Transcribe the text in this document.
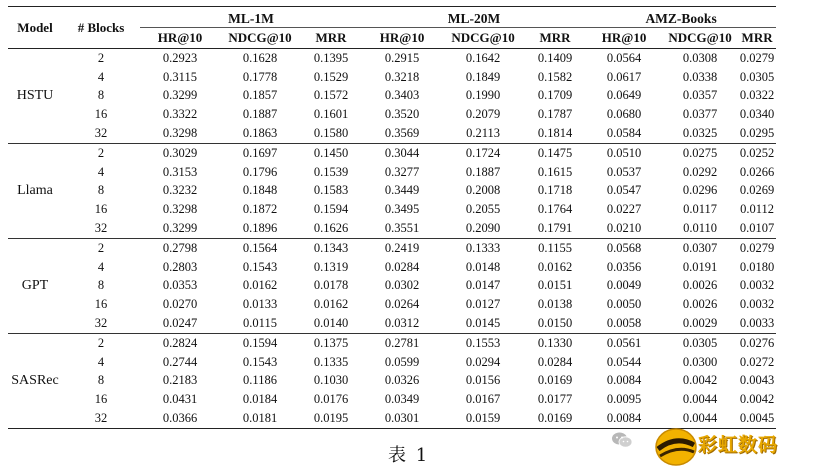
Model	# Blocks	ML-1M			ML-20M			AMZ-Books		
		HR@10	NDCG@10	MRR	HR@10	NDCG@10	MRR	HR@10	NDCG@10	MRR
HSTU	2	0.2923	0.1628	0.1395	0.2915	0.1642	0.1409	0.0564	0.0308	0.0279
	4	0.3115	0.1778	0.1529	0.3218	0.1849	0.1582	0.0617	0.0338	0.0305
	8	0.3299	0.1857	0.1572	0.3403	0.1990	0.1709	0.0649	0.0357	0.0322
	16	0.3322	0.1887	0.1601	0.3520	0.2079	0.1787	0.0680	0.0377	0.0340
	32	0.3298	0.1863	0.1580	0.3569	0.2113	0.1814	0.0584	0.0325	0.0295
Llama	2	0.3029	0.1697	0.1450	0.3044	0.1724	0.1475	0.0510	0.0275	0.0252
	4	0.3153	0.1796	0.1539	0.3277	0.1887	0.1615	0.0537	0.0292	0.0266
	8	0.3232	0.1848	0.1583	0.3449	0.2008	0.1718	0.0547	0.0296	0.0269
	16	0.3298	0.1872	0.1594	0.3495	0.2055	0.1764	0.0227	0.0117	0.0112
	32	0.3299	0.1896	0.1626	0.3551	0.2090	0.1791	0.0210	0.0110	0.0107
GPT	2	0.2798	0.1564	0.1343	0.2419	0.1333	0.1155	0.0568	0.0307	0.0279
	4	0.2803	0.1543	0.1319	0.0284	0.0148	0.0162	0.0356	0.0191	0.0180
	8	0.0353	0.0162	0.0178	0.0302	0.0147	0.0151	0.0049	0.0026	0.0032
	16	0.0270	0.0133	0.0162	0.0264	0.0127	0.0138	0.0050	0.0026	0.0032
	32	0.0247	0.0115	0.0140	0.0312	0.0145	0.0150	0.0058	0.0029	0.0033
SASRec	2	0.2824	0.1594	0.1375	0.2781	0.1553	0.1330	0.0561	0.0305	0.0276
	4	0.2744	0.1543	0.1335	0.0599	0.0294	0.0284	0.0544	0.0300	0.0272
	8	0.2183	0.1186	0.1030	0.0326	0.0156	0.0169	0.0084	0.0042	0.0043
	16	0.0431	0.0184	0.0176	0.0349	0.0167	0.0177	0.0095	0.0044	0.0042
	32	0.0366	0.0181	0.0195	0.0301	0.0159	0.0169	0.0084	0.0044	0.0045
表 1	彩虹数码
